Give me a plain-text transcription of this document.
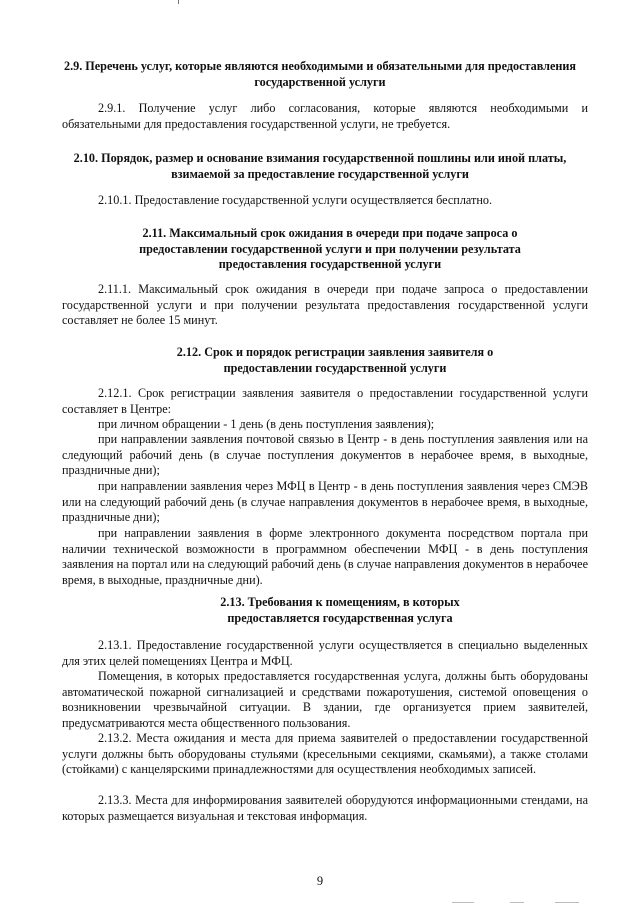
2.9. Перечень услуг, которые являются необходимыми и обязательными для предоставления государственной услуги
2.9.1. Получение услуг либо согласования, которые являются необходимыми и обязательными для предоставления государственной услуги, не требуется.
2.10. Порядок, размер и основание взимания государственной пошлины или иной платы, взимаемой за предоставление государственной услуги
2.10.1. Предоставление государственной услуги осуществляется бесплатно.
2.11. Максимальный срок ожидания в очереди при подаче запроса о предоставлении государственной услуги и при получении результата предоставления государственной услуги
2.11.1. Максимальный срок ожидания в очереди при подаче запроса о предоставлении государственной услуги и при получении результата предоставления государственной услуги составляет не более 15 минут.
2.12. Срок и порядок регистрации заявления заявителя о предоставлении государственной услуги
2.12.1. Срок регистрации заявления заявителя о предоставлении государственной услуги составляет в Центре:
при личном обращении - 1 день (в день поступления заявления);
при направлении заявления почтовой связью в Центр - в день поступления заявления или на следующий рабочий день (в случае поступления документов в нерабочее время, в выходные, праздничные дни);
при направлении заявления через МФЦ в Центр - в день поступления заявления через СМЭВ или на следующий рабочий день (в случае направления документов в нерабочее время, в выходные, праздничные дни);
при направлении заявления в форме электронного документа посредством портала при наличии технической возможности в программном обеспечении МФЦ - в день поступления заявления на портал или на следующий рабочий день (в случае направления документов в нерабочее время, в выходные, праздничные дни).
2.13. Требования к помещениям, в которых предоставляется государственная услуга
2.13.1. Предоставление государственной услуги осуществляется в специально выделенных для этих целей помещениях Центра и МФЦ.
Помещения, в которых предоставляется государственная услуга, должны быть оборудованы автоматической пожарной сигнализацией и средствами пожаротушения, системой оповещения о возникновении чрезвычайной ситуации. В здании, где организуется прием заявителей, предусматриваются места общественного пользования.
2.13.2. Места ожидания и места для приема заявителей о предоставлении государственной услуги должны быть оборудованы стульями (кресельными секциями, скамьями), а также столами (стойками) с канцелярскими принадлежностями для осуществления необходимых записей.
2.13.3. Места для информирования заявителей оборудуются информационными стендами, на которых размещается визуальная и текстовая информация.
9
